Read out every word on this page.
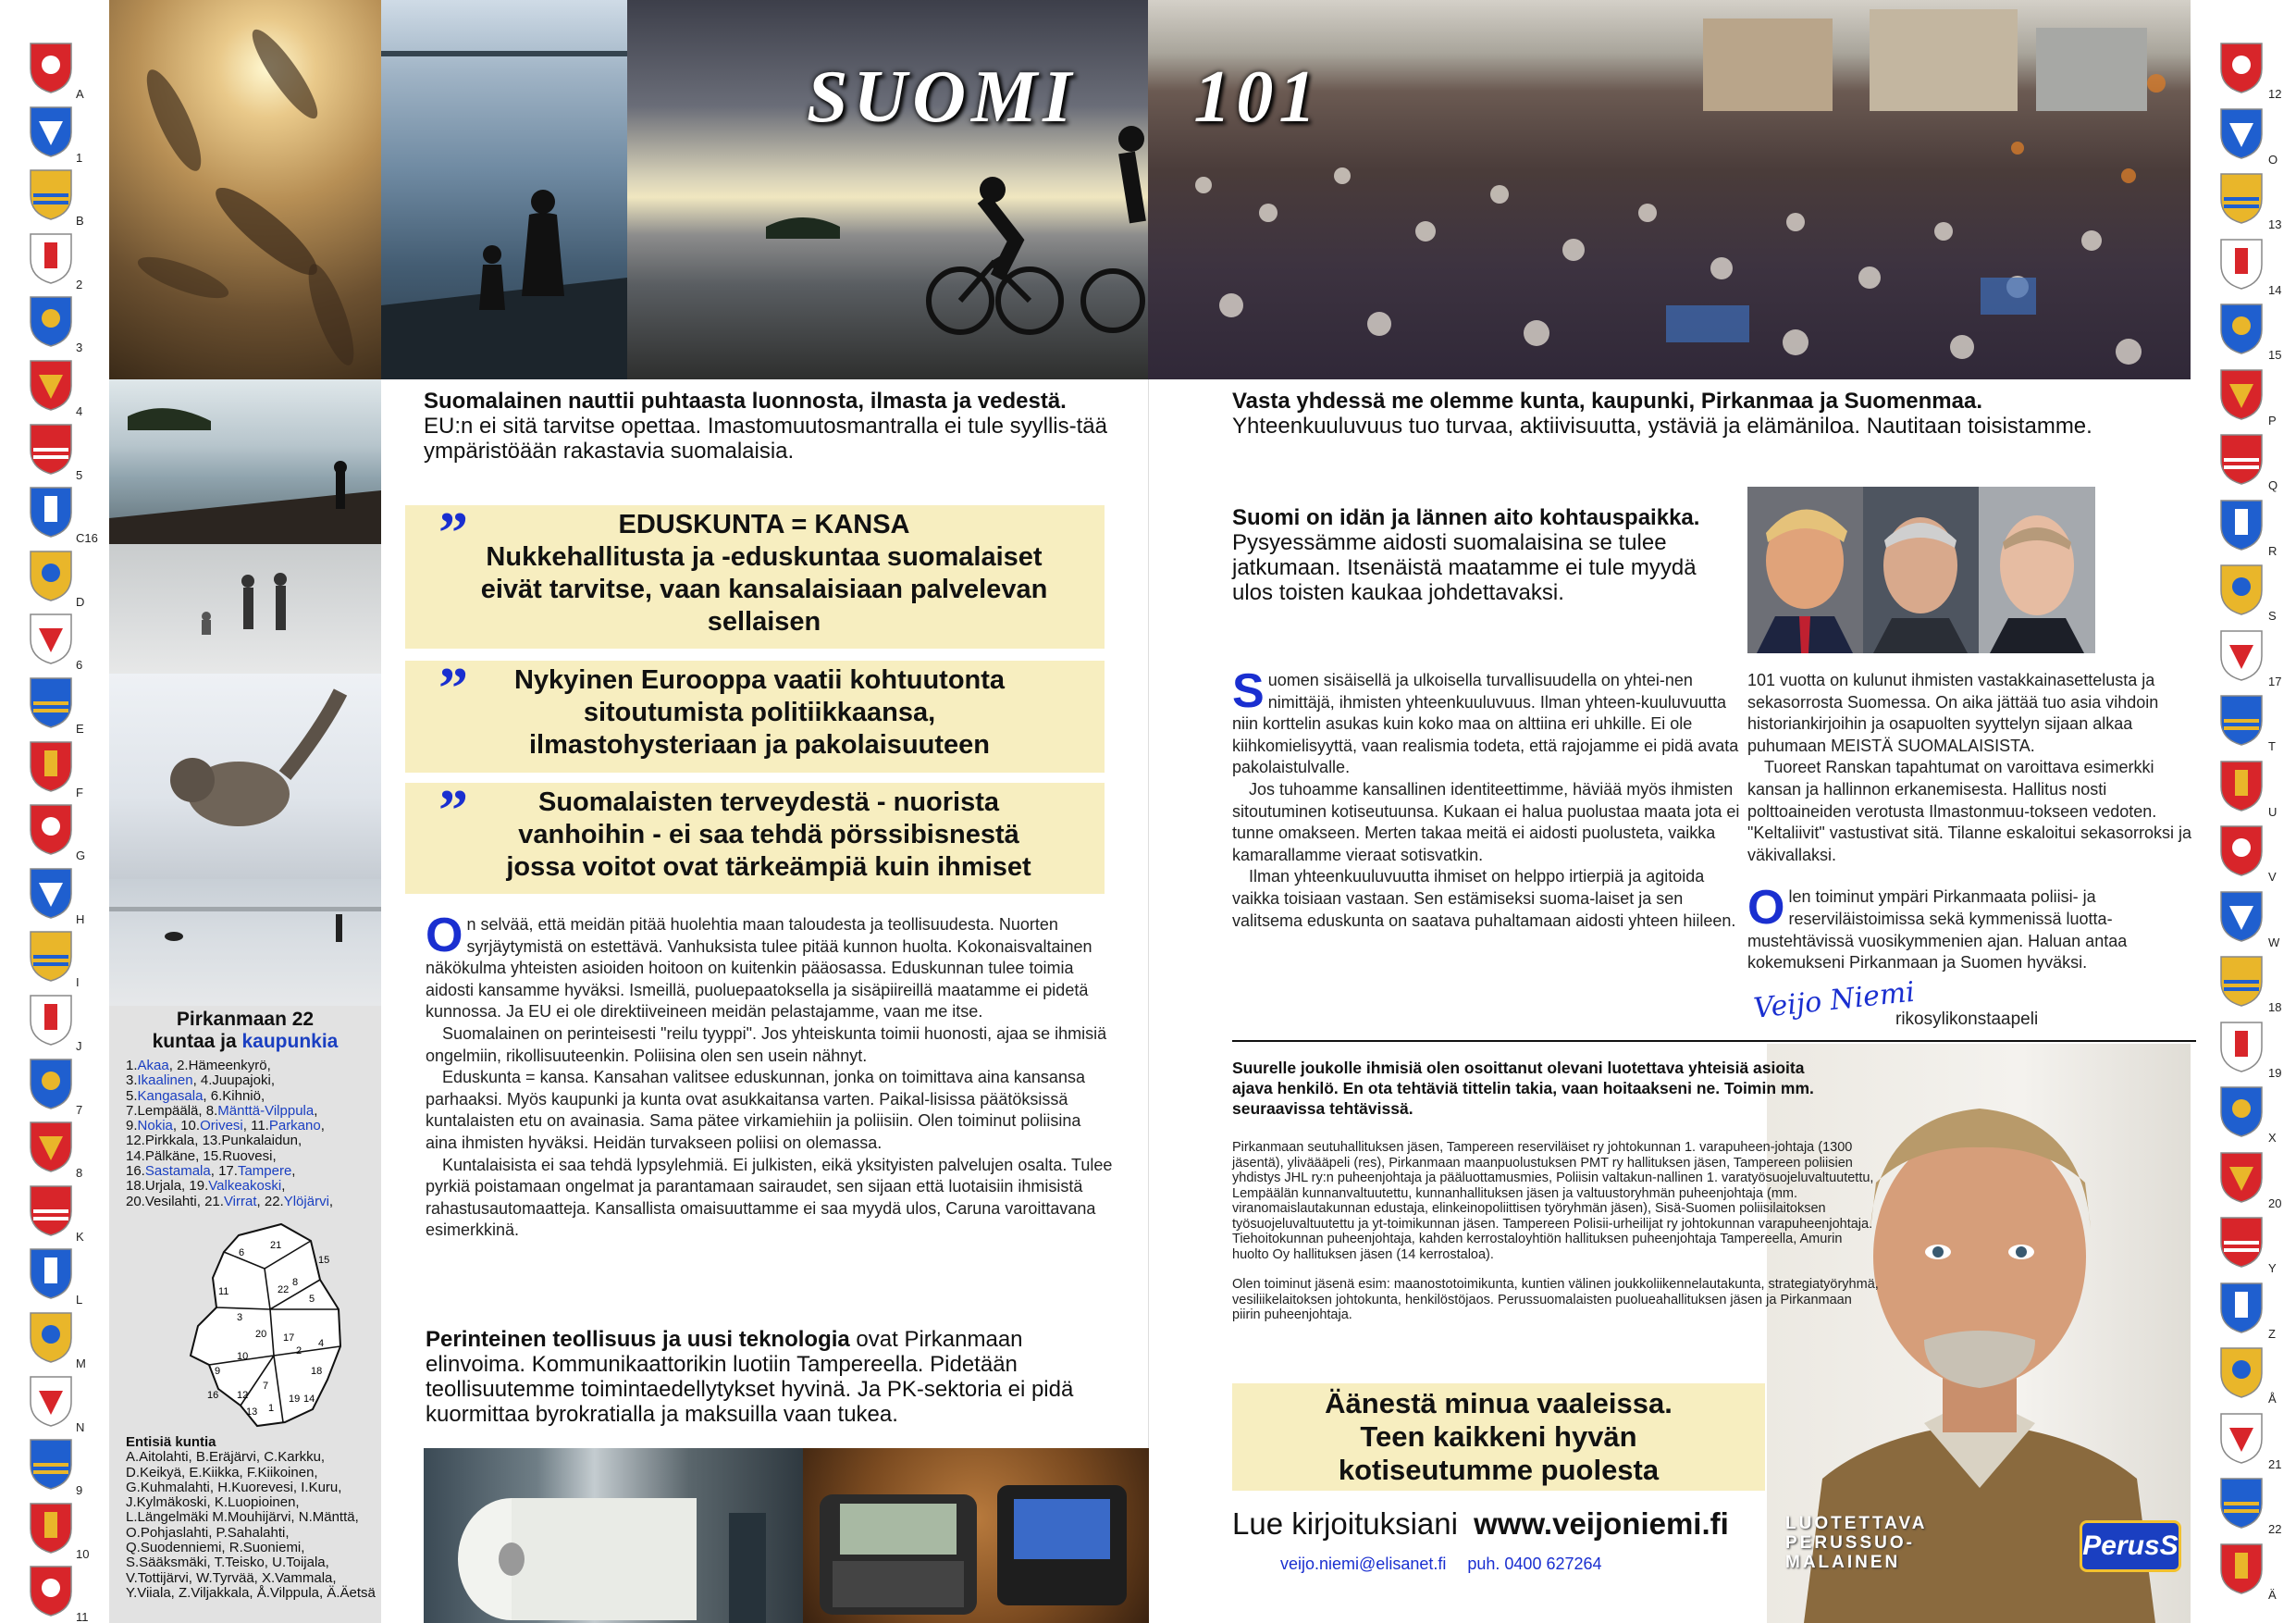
SUOMI 101
Pirkanmaan 22
kuntaa ja kaupunkia
1.Akaa, 2.Hämeenkyrö,
3.Ikaalinen, 4.Juupajoki,
5.Kangasala, 6.Kihniö,
7.Lempäälä, 8.Mänttä-Vilppula,
9.Nokia, 10.Orivesi, 11.Parkano,
12.Pirkkala, 13.Punkalaidun,
14.Pälkäne, 15.Ruovesi,
16.Sastamala, 17.Tampere,
18.Urjala, 19.Valkeakoski,
20.Vesilahti, 21.Virrat, 22.Ylöjärvi,
6
21
15
8
11
3
22
5
2
4
17
10
9
16 12
7
14
13 1
19
18
20
Entisiä kuntia
A.Aitolahti, B.Eräjärvi, C.Karkku, D.Keikyä, E.Kiikka, F.Kiikoinen, G.Kuhmalahti, H.Kuorevesi, I.Kuru, J.Kylmäkoski, K.Luopioinen, L.Längelmäki M.Mouhijärvi, N.Mänttä, O.Pohjaslahti, P.Sahalahti, Q.Suodenniemi, R.Suoniemi, S.Sääksmäki, T.Teisko, U.Toijala, V.Tottijärvi, W.Tyrvää, X.Vammala, Y.Viiala, Z.Viljakkala, Å.Vilppula, Ä.Äetsä
Suomalainen nauttii puhtaasta luonnosta, ilmasta ja vedestä.
EU:n ei sitä tarvitse opettaa. Imastomuutosmantralla ei tule syyllis-tää ympäristöään rakastavia suomalaisia.
EDUSKUNTA = KANSA
Nukkehallitusta ja -eduskuntaa suomalaiset eivät tarvitse, vaan kansalaisiaan palvelevan sellaisen
”
Nykyinen Eurooppa vaatii kohtuutonta sitoutumista politiikkaansa, ilmastohysteriaan ja pakolaisuuteen
”
Suomalaisten terveydestä - nuorista vanhoihin - ei saa tehdä pörssibisnestä jossa voitot ovat tärkeämpiä kuin ihmiset
”
O n selvää, että meidän pitää huolehtia maan taloudesta ja teollisuudesta. Nuorten syrjäytymistä on estettävä. Vanhuksista tulee pitää kunnon huolta. Kokonaisvaltainen näkökulma yhteisten asioiden hoitoon on kuitenkin pääosassa. Eduskunnan tulee toimia aidosti kansamme hyväksi. Ismeillä, puoluepaatoksella ja sisäpiireillä maatamme ei pidetä kunnossa. Ja EU ei ole direktiiveineen meidän pelastajamme, vaan me itse.

Suomalainen on perinteisesti "reilu tyyppi". Jos yhteiskunta toimii huonosti, ajaa se ihmisiä ongelmiin, rikollisuuteenkin. Poliisina olen sen usein nähnyt.

Eduskunta = kansa. Kansahan valitsee eduskunnan, jonka on toimittava aina kansansa parhaaksi. Myös kaupunki ja kunta ovat asukkaitansa varten. Paikal-lisissa päätöksissä kuntalaisten etu on avainasia. Sama pätee virkamiehiin ja poliisiin. Olen toiminut poliisina aina ihmisten hyväksi. Heidän turvakseen poliisi on olemassa.

Kuntalaisista ei saa tehdä lypsylehmiä. Ei julkisten, eikä yksityisten palvelujen osalta. Tulee pyrkiä poistamaan ongelmat ja parantamaan sairaudet, sen sijaan että luotaisiin ihmisistä rahastusautomaatteja. Kansallista omaisuuttamme ei saa myydä ulos, Caruna varoittavana esimerkkinä.

Perinteinen teollisuus ja uusi teknologia ovat Pirkanmaan elinvoima. Kommunikaattorikin luotiin Tampereella. Pidetään teollisuutemme toimintaedellytykset hyvinä. Ja PK-sektoria ei pidä kuormittaa byrokratialla ja maksuilla vaan tukea.
Vasta yhdessä me olemme kunta, kaupunki, Pirkanmaa ja Suomenmaa.
Yhteenkuuluvuus tuo turvaa, aktiivisuutta, ystäviä ja elämäniloa. Nautitaan toisistamme.
Suomi on idän ja lännen aito kohtauspaikka.
Pysyessämme aidosti suomalaisina se tulee jatkumaan. Itsenäistä maatamme ei tule myydä ulos toisten kaukaa johdettavaksi.
S uomen sisäisellä ja ulkoisella turvallisuudella on yhtei-nen nimittäjä, ihmisten yhteenkuuluvuus. Ilman yhteen-kuuluvuutta niin korttelin asukas kuin koko maa on alttiina eri uhkille. Ei ole kiihkomielisyyttä, vaan realismia todeta, että rajojamme ei pidä avata pakolaistulvalle.

Jos tuhoamme kansallinen identiteettimme, häviää myös ihmisten sitoutuminen kotiseutuunsa. Kukaan ei halua puolustaa maata jota ei tunne omakseen. Merten takaa meitä ei aidosti puolusteta, vaikka kamarallamme vieraat sotisvatkin.

Ilman yhteenkuuluvuutta ihmiset on helppo irtierpiä ja agitoida vaikka toisiaan vastaan. Sen estämiseksi suoma-laiset ja sen valitsema eduskunta on saatava puhaltamaan aidosti yhteen hiileen.

101 vuotta on kulunut ihmisten vastakkainasettelusta ja sekasorrosta Suomessa. On aika jättää tuo asia vihdoin historiankirjoihin ja osapuolten syyttelyn sijaan alkaa puhumaan MEISTÄ SUOMALAISISTA.

Tuoreet Ranskan tapahtumat on varoittava esimerkki kansan ja hallinnon erkanemisesta. Hallitus nosti polttoaineiden verotusta Ilmastonmuu-tokseen vedoten. "Keltaliivit" vastustivat sitä. Tilanne eskaloitui sekasorroksi ja väkivallaksi.

O len toiminut ympäri Pirkanmaata poliisi- ja reserviläistoimissa sekä kymmenissä luotta-mustehtävissä vuosikymmenien ajan. Haluan antaa kokemukseni Pirkanmaan ja Suomen hyväksi.

Veijo Niemi
rikosylikonstaapeli
LUOTETTAVA
PERUSSUO-
MALAINEN
PerusS
Suurelle joukolle ihmisiä olen osoittanut olevani luotettava yhteisiä asioita ajava henkilö. En ota tehtäviä tittelin takia, vaan hoitaakseni ne. Toimin mm. seuraavissa tehtävissä.

Pirkanmaan seutuhallituksen jäsen, Tampereen reserviläiset ry johtokunnan 1. varapuheen-johtaja (1300 jäsentä), yliväääpeli (res), Pirkanmaan maanpuolustuksen PMT ry hallituksen jäsen, Tampereen poliisien yhdistys JHL ry:n puheenjohtaja ja pääluottamusmies, Poliisin valtakun-nallinen 1. varatyösuojeluvaltuutettu, Lempäälän kunnanvaltuutettu, kunnanhallituksen jäsen ja valtuustoryhmän puheenjohtaja (mm. viranomaislautakunnan edustaja, elinkeinopoliittisen työryhmän jäsen), Sisä-Suomen poliisilaitoksen työsuojeluvaltuutettu ja yt-toimikunnan jäsen. Tampereen Polisii-urheilijat ry johtokunnan varapuheenjohtaja. Tiehoitokunnan puheenjohtaja, kahden kerrostaloyhtiön hallituksen puheenjohtaja Tampereella, Amurin huolto Oy hallituksen jäsen (14 kerrostaloa).

Olen toiminut jäsenä esim: maanostotoimikunta, kuntien välinen joukkoliikennelautakunta, strategiatyöryhmä, vesiliikelaitoksen johtokunta, henkilöstöjaos. Perussuomalaisten puolueahallituksen jäsen ja Pirkanmaan piirin puheenjohtaja.

Äänestä minua vaaleissa.
Teen kaikkeni hyvän
kotiseutumme puolesta
Lue kirjoituksiani www.veijoniemi.fi
veijo.niemi@elisanet.fi puh. 0400 627264
A
1
B
2
3
4
5
C16
D
6
E
F
G
H
I
J
7
8
K
L
M
N
9
10
11
12
O
13
14
15
P
Q
R
S
17
T
U
V
W
18
19
X
20
Y
Z
Å
21
22
Ä
